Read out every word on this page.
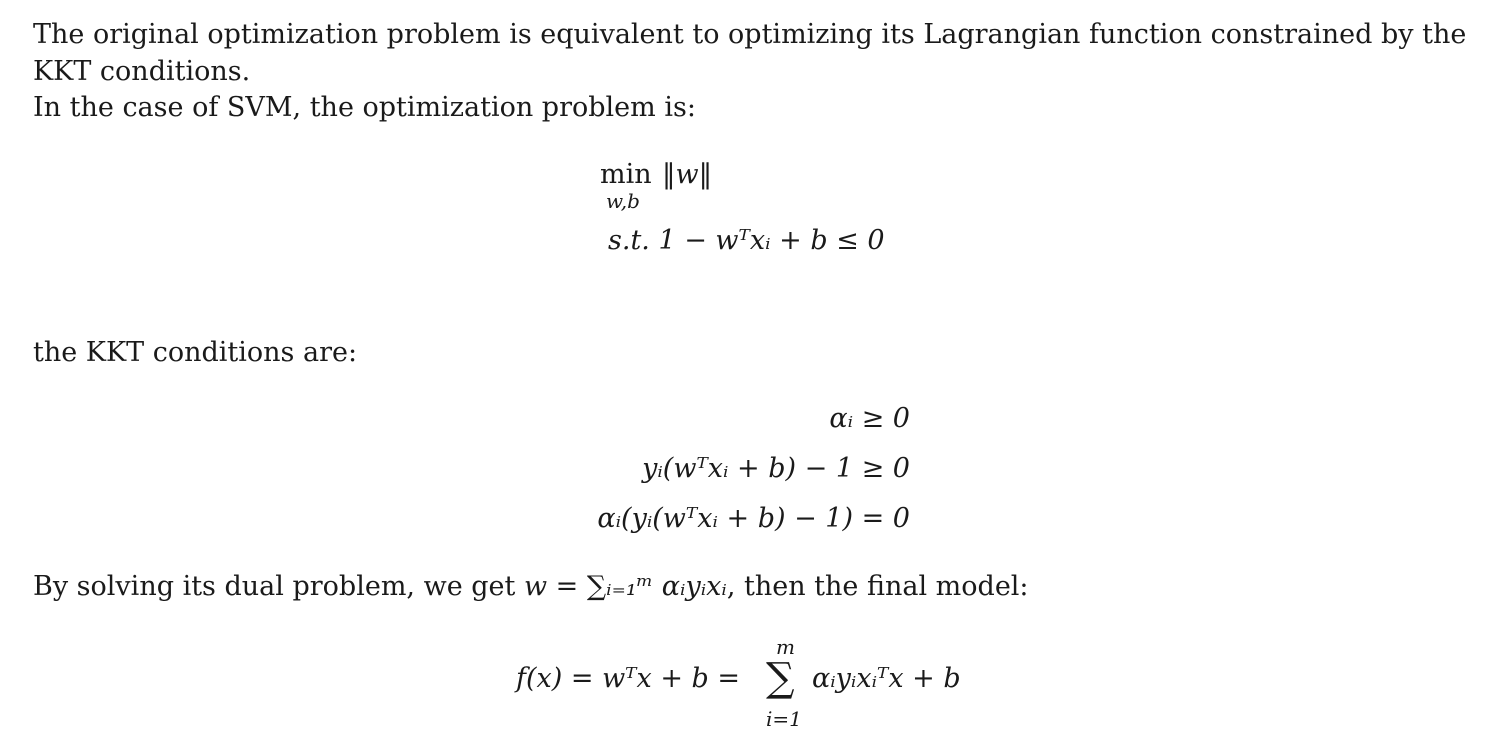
The original optimization problem is equivalent to optimizing its Lagrangian function constrained by the
KKT conditions.
In the case of SVM, the optimization problem is:
min
w,b
‖w‖
s.t. 1 − wᵀxᵢ + b ≤ 0
the KKT conditions are:
αᵢ ≥ 0
yᵢ(wᵀxᵢ + b) − 1 ≥ 0
αᵢ(yᵢ(wᵀxᵢ + b) − 1) = 0
By solving its dual problem, we get w = ∑ᵢ₌₁ᵐ αᵢyᵢxᵢ, then the final model:
f(x) = wᵀx + b =
m
∑
i=1
αᵢyᵢxᵢᵀx + b
